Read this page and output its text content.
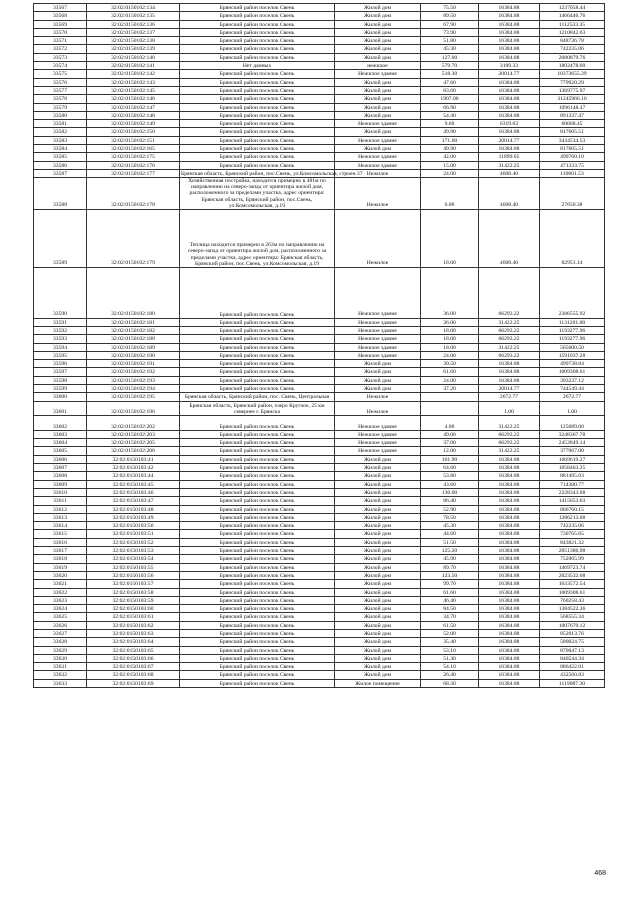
33567	32:02:0150102:134	Брянский район поселок Свень	Жилой дом	75.50	16384.88	1237058.44
33568	32:02:0150102:135	Брянский район поселок Свень	Жилой дом	89.50	16384.88	1466446.76
33569	32:02:0150102:136	Брянский район поселок Свень	Жилой дом	67.90	16384.88	1112533.35
33570	32:02:0150102:137	Брянский район поселок Свень	Жилой дом	73.90	16384.88	1210842.63
33571	32:02:0150102:138	Брянский район поселок Свень	Жилой дом	51.80	16384.88	848736.78
33572	32:02:0150102:139	Брянский район поселок Свень	Жилой дом	45.30	16384.88	742235.06
33573	32:02:0150102:140	Брянский район поселок Свень	Жилой дом	127.00	16384.88	2080879.76
33574	32:02:0150102:141	Нет данных	нежилое	579.70	3109.33	1802478.60
33575	32:02:0150102:142	Брянский район поселок Свень	Нежилое здание	518.30	20014.77	10373655.29
33576	32:02:0150102:143	Брянский район поселок Свень	Жилой дом	47.60	16384.88	779920.29
33577	32:02:0150102:145	Брянский район поселок Свень	Жилой дом	83.60	16384.88	1369775.97
33578	32:02:0150102:146	Брянский район поселок Свень	Жилой дом	1907.00	16384.88	31245966.16
33579	32:02:0150102:147	Брянский район поселок Свень	Жилой дом	66.90	16384.88	1096148.47
33580	32:02:0150102:148	Брянский район поселок Свень	Жилой дом	54.40	16384.88	891337.47
33581	32:02:0150102:149	Брянский район поселок Свень	Нежилое здание	9.60	6319.63	60668.45
33582	32:02:0150102:150	Брянский район поселок Свень	Жилой дом	49.90	16384.88	817605.51
33583	32:02:0150102:151	Брянский район поселок Свень	Нежилое здание	171.60	20014.77	3434534.53
33584	32:02:0150102:165	Брянский район поселок Свень	Жилой дом	49.90	16384.88	817605.51
33585	32:02:0150102:175	Брянский район поселок Свень	Нежилое здание	42.00	11899.05	499760.10
33586	32:02:0150102:176	Брянский район поселок Свень	Нежилое здание	15.00	31422.25	471333.75
33587	32:02:0150102:177	Брянская область, Брянский район, пос.Свень, ул.Комсомольская, строен.37	Нежилое	24.00	4608.40	110601.53
33588	32:02:0150102:178	Хозяйственная постройка, находится примерно в 481м по направлению на северо-запад от ориентира жилой дом, расположенного за пределами участка, адрес ориентира: Брянская область, Брянский район, пос.Свень, ул.Комсомольская, д.19	Нежилое	6.00	4608.40	27650.38
33589	32:02:0150102:179	Теплица находится примерно в 263м по направлению на северо-запад от ориентира жилой дом, расположенного за пределами участка, адрес ориентира: Брянская область, Брянский район, пос.Свень, ул.Комсомольская, д.19	Нежилое	18.00	4608.40	82951.14
33590	32:02:0150102:180	Брянский район поселок Свень	Нежилое здание	36.00	66293.22	2386555.92
33591	32:02:0150102:181	Брянский район поселок Свень	Нежилое здание	36.00	31422.25	1131201.00
33592	32:02:0150102:182	Брянский район поселок Свень	Нежилое здание	18.00	66293.22	1193277.96
33593	32:02:0150102:188	Брянский район поселок Свень	Нежилое здание	18.00	66293.22	1193277.96
33594	32:02:0150102:189	Брянский район поселок Свень	Нежилое здание	18.00	31422.25	565600.50
33595	32:02:0150102:190	Брянский район поселок Свень	Нежилое здание	24.00	66293.22	1591037.28
33596	32:02:0150102:191	Брянский район поселок Свень	Жилой дом	30.50	16384.88	499738.84
33597	32:02:0150102:192	Брянский район поселок Свень	Жилой дом	61.60	16384.88	1009308.61
33598	32:02:0150102:193	Брянский район поселок Свень	Жилой дом	24.00	16384.88	393237.12
33599	32:02:0150102:194	Брянский район поселок Свень	Жилой дом	37.20	20014.77	744549.44
33600	32:02:0150102:195	Брянская область, Брянский район, пос. Свень, Центральная	Нежилое		2672.77	2672.77
33601	32:02:0150102:196	Брянская область, Брянский район, озеро Круглое, 25 км севернее г. Брянска	Нежилое		1.00	1.00
33602	32:02:0150102:202	Брянский район поселок Свень	Нежилое здание	4.00	31422.25	125689.00
33603	32:02:0150102:203	Брянский район поселок Свень	Нежилое здание	49.00	66293.22	3248367.78
33604	32:02:0150102:205	Брянский район поселок Свень	Нежилое здание	37.00	66293.22	2452849.14
33605	32:02:0150102:206	Брянский район поселок Свень	Нежилое здание	12.00	31422.25	377067.00
33606	32:02:0150103:41	Брянский район поселок Свень	Жилой дом	101.90	16384.88	1669619.27
33607	32:02:0150103:42	Брянский район поселок Свень	Жилой дом	64.60	16384.88	1058463.25
33608	32:02:0150103:44	Брянский район поселок Свень	Жилой дом	53.80	16384.88	881495.03
33609	32:02:0150103:45	Брянский район поселок Свень	Жилой дом	43.60	16384.88	714380.77
33610	32:02:0150103:46	Брянский район поселок Свень	Жилой дом	136.00	16384.88	2228343.68
33611	32:02:0150103:47	Брянский район поселок Свень	Жилой дом	86.40	16384.88	1415653.63
33612	32:02:0150103:48	Брянский район поселок Свень	Жилой дом	52.90	16384.88	866760.15
33613	32:02:0150103:49	Брянский район поселок Свень	Жилой дом	78.50	16384.88	1286213.08
33614	32:02:0150103:50	Брянский район поселок Свень	Жилой дом	45.30	16384.88	742235.06
33615	32:02:0150103:51	Брянский район поселок Свень	Жилой дом	44.60	16384.88	730765.65
33616	32:02:0150103:52	Брянский район поселок Свень	Жилой дом	51.50	16384.88	843821.32
33617	32:02:0150103:53	Брянский район поселок Свень	Жилой дом	125.20	16384.88	2051386.98
33618	32:02:0150103:54	Брянский район поселок Свень	Жилой дом	45.90	16384.88	752065.99
33619	32:02:0150103:55	Брянский район поселок Свень	Жилой дом	89.70	16384.88	1469723.74
33620	32:02:0150103:56	Брянский район поселок Свень	Жилой дом	123.50	16384.88	2023532.68
33621	32:02:0150103:57	Брянский район поселок Свень	Жилой дом	99.70	16384.88	1633572.54
33622	32:02:0150103:58	Брянский район поселок Свень	Жилой дом	61.60	16384.88	1009308.61
33623	32:02:0150103:59	Брянский район поселок Свень	Жилой дом	46.40	16384.88	760258.43
33624	32:02:0150103:60	Брянский район поселок Свень	Жилой дом	84.50	16384.88	1384522.36
33625	32:02:0150103:61	Брянский район поселок Свень	Жилой дом	34.70	16384.88	568555.34
33626	32:02:0150103:62	Брянский район поселок Свень	Жилой дом	61.50	16384.88	1007670.12
33627	32:02:0150103:63	Брянский район поселок Свень	Жилой дом	52.00	16384.88	852013.76
33628	32:02:0150103:64	Брянский район поселок Свень	Жилой дом	35.40	16384.88	580024.75
33629	32:02:0150103:65	Брянский район поселок Свень	Жилой дом	53.10	16384.88	870047.13
33630	32:02:0150103:66	Брянский район поселок Свень	Жилой дом	51.30	16384.88	840544.34
33631	32:02:0150103:67	Брянский район поселок Свень	Жилой дом	54.10	16384.88	886422.01
33632	32:02:0150103:68	Брянский район поселок Свень	Жилой дом	26.40	16384.88	432560.83
33633	32:02:0150103:69	Брянский район поселок Свень	Жилое помещение	68.30	16384.88	1119087.30
468
